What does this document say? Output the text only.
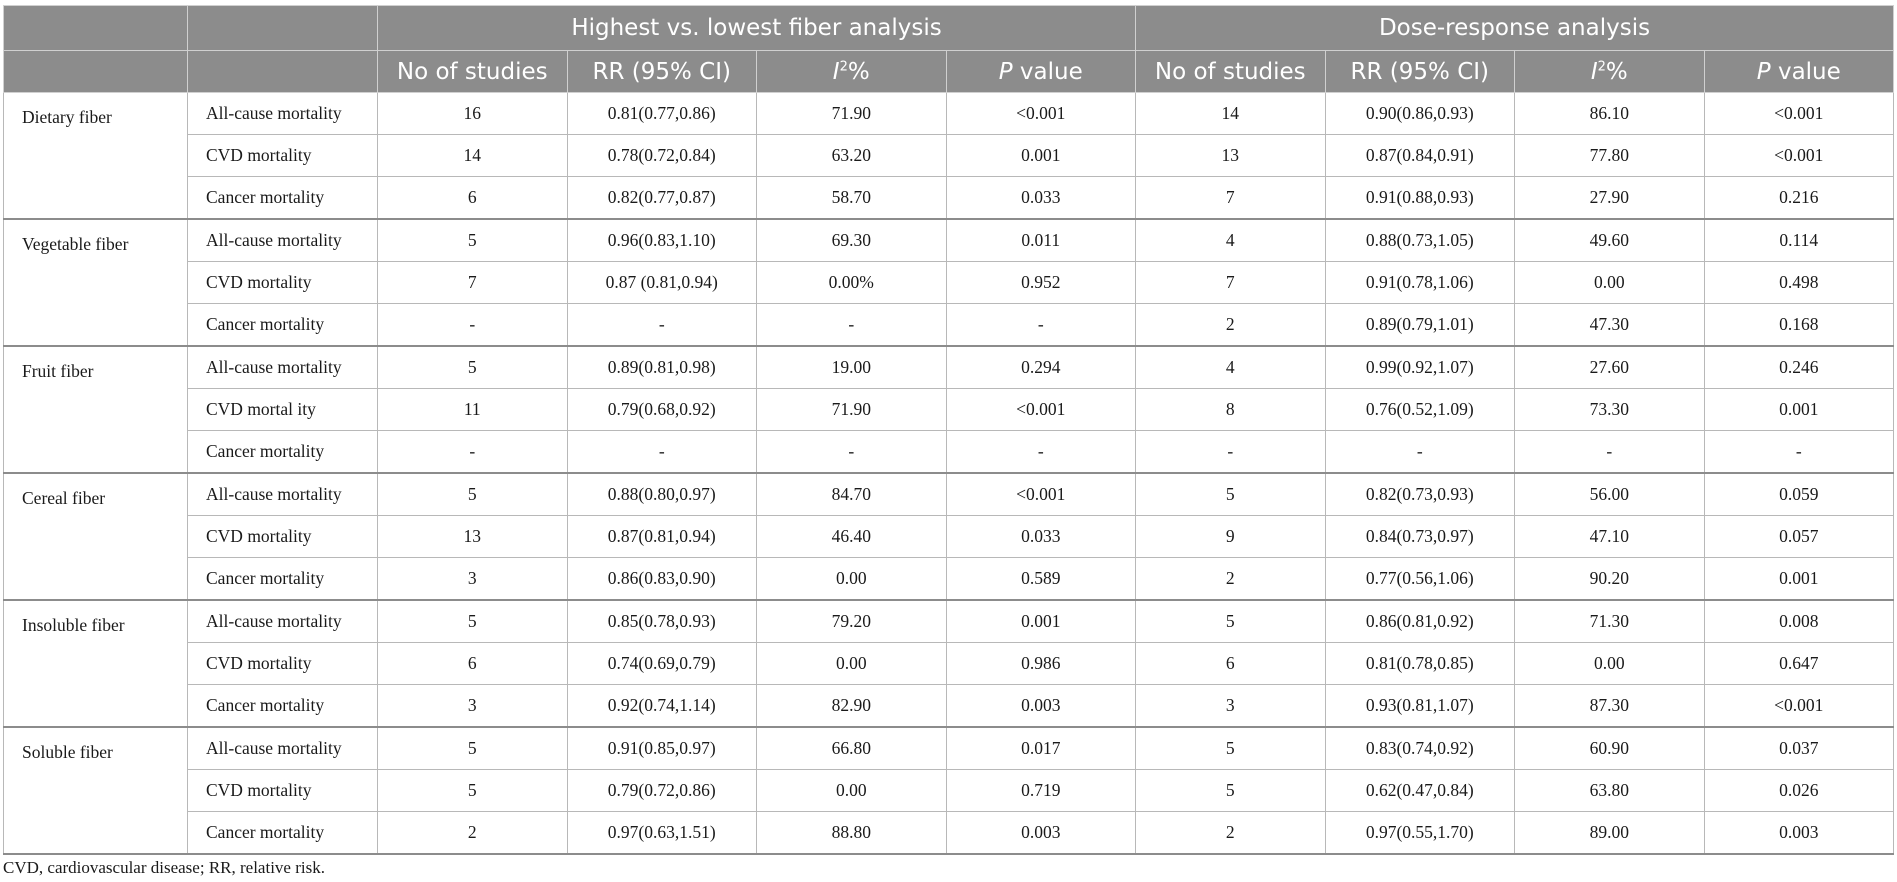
		Highest vs. lowest fiber analysis				Dose-response analysis			
		No of studies	RR (95% CI)	$I^2\%$	P value	No of studies	RR (95% CI)	$I^2\%$	P value
Dietary fiber	All-cause mortality	16	0.81(0.77,0.86)	71.90	<0.001	14	0.90(0.86,0.93)	86.10	<0.001
	CVD mortality	14	0.78(0.72,0.84)	63.20	0.001	13	0.87(0.84,0.91)	77.80	<0.001
	Cancer mortality	6	0.82(0.77,0.87)	58.70	0.033	7	0.91(0.88,0.93)	27.90	0.216
Vegetable fiber	All-cause mortality	5	0.96(0.83,1.10)	69.30	0.011	4	0.88(0.73,1.05)	49.60	0.114
	CVD mortality	7	0.87 (0.81,0.94)	0.00%	0.952	7	0.91(0.78,1.06)	0.00	0.498
	Cancer mortality	-	-	-	-	2	0.89(0.79,1.01)	47.30	0.168
Fruit fiber	All-cause mortality	5	0.89(0.81,0.98)	19.00	0.294	4	0.99(0.92,1.07)	27.60	0.246
	CVD mortal ity	11	0.79(0.68,0.92)	71.90	<0.001	8	0.76(0.52,1.09)	73.30	0.001
	Cancer mortality	-	-	-	-	-	-	-	-
Cereal fiber	All-cause mortality	5	0.88(0.80,0.97)	84.70	<0.001	5	0.82(0.73,0.93)	56.00	0.059
	CVD mortality	13	0.87(0.81,0.94)	46.40	0.033	9	0.84(0.73,0.97)	47.10	0.057
	Cancer mortality	3	0.86(0.83,0.90)	0.00	0.589	2	0.77(0.56,1.06)	90.20	0.001
Insoluble fiber	All-cause mortality	5	0.85(0.78,0.93)	79.20	0.001	5	0.86(0.81,0.92)	71.30	0.008
	CVD mortality	6	0.74(0.69,0.79)	0.00	0.986	6	0.81(0.78,0.85)	0.00	0.647
	Cancer mortality	3	0.92(0.74,1.14)	82.90	0.003	3	0.93(0.81,1.07)	87.30	<0.001
Soluble fiber	All-cause mortality	5	0.91(0.85,0.97)	66.80	0.017	5	0.83(0.74,0.92)	60.90	0.037
	CVD mortality	5	0.79(0.72,0.86)	0.00	0.719	5	0.62(0.47,0.84)	63.80	0.026
	Cancer mortality	2	0.97(0.63,1.51)	88.80	0.003	2	0.97(0.55,1.70)	89.00	0.003
CVD, cardiovascular disease; RR, relative risk.
